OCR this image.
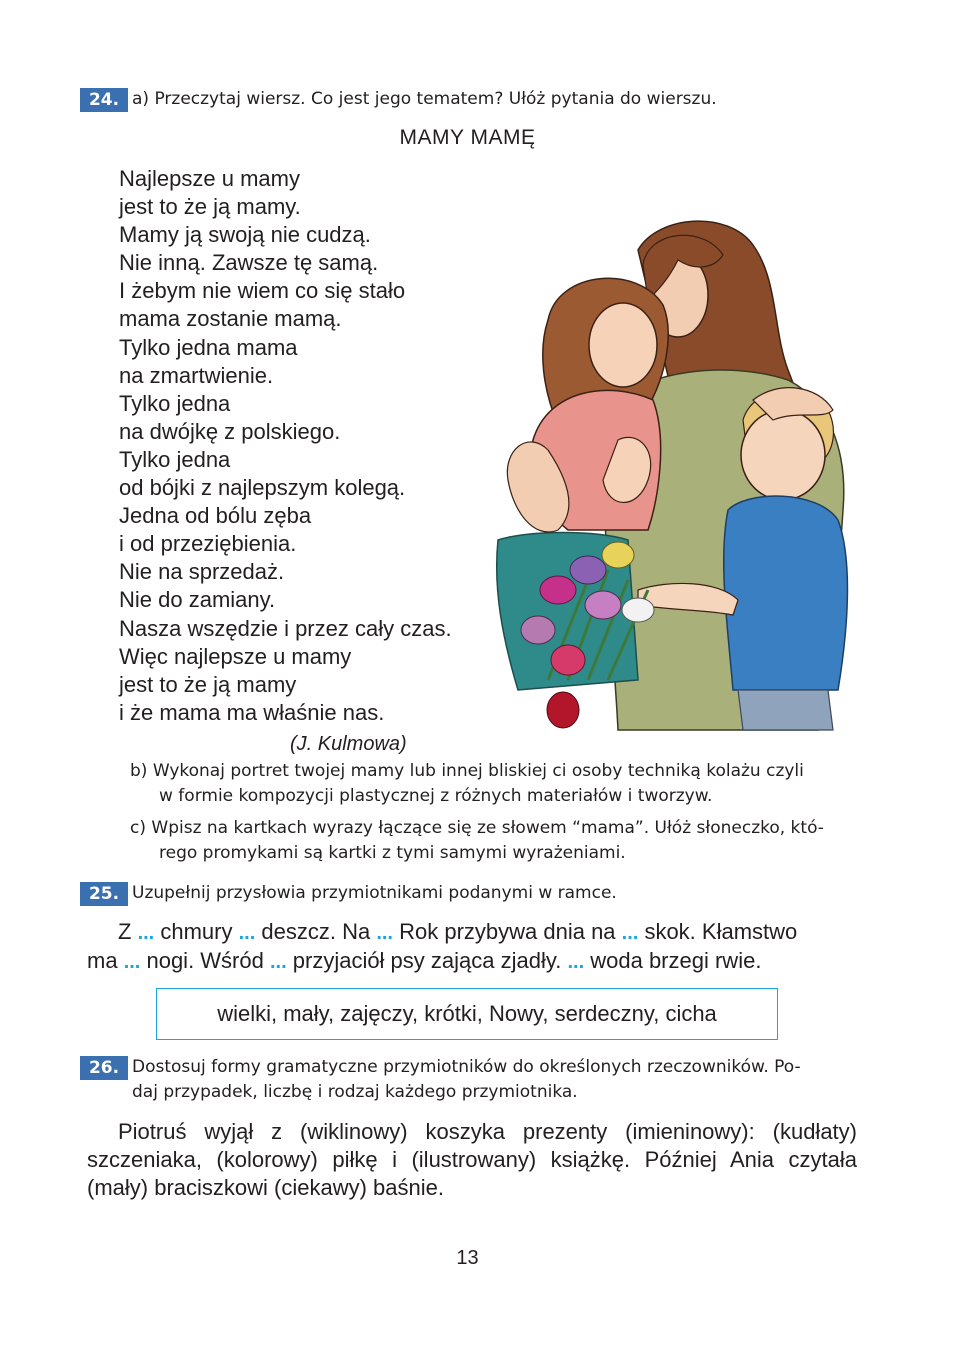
24. a) Przeczytaj wiersz. Co jest jego tematem? Ułóż pytania do wierszu.
MAMY MAMĘ
Najlepsze u mamy
jest to że ją mamy.
Mamy ją swoją nie cudzą.
Nie inną. Zawsze tę samą.
I żebym nie wiem co się stało
mama zostanie mamą.
Tylko jedna mama
na zmartwienie.
Tylko jedna
na dwójkę z polskiego.
Tylko jedna
od bójki z najlepszym kolegą.
Jedna od bólu zęba
i od przeziębienia.
Nie na sprzedaż.
Nie do zamiany.
Nasza wszędzie i przez cały czas.
Więc najlepsze u mamy
jest to że ją mamy
i że mama ma właśnie nas.
(J. Kulmowa)
b) Wykonaj portret twojej mamy lub innej bliskiej ci osoby techniką kolażu czyli
w formie kompozycji plastycznej z różnych materiałów i tworzyw.
c) Wpisz na kartkach wyrazy łączące się ze słowem “mama”. Ułóż słoneczko, któ-
rego promykami są kartki z tymi samymi wyrażeniami.
25. Uzupełnij przysłowia przymiotnikami podanymi w ramce.
Z ... chmury ... deszcz. Na ... Rok przybywa dnia na ... skok. Kłamstwo
ma ... nogi. Wśród ... przyjaciół psy zająca zjadły. ... woda brzegi rwie.
wielki, mały, zajęczy, krótki, Nowy, serdeczny, cicha
26. Dostosuj formy gramatyczne przymiotników do określonych rzeczowników. Po-
daj przypadek, liczbę i rodzaj każdego przymiotnika.
Piotruś wyjął z (wiklinowy) koszyka prezenty (imieninowy): (kudłaty) szczeniaka, (kolorowy) piłkę i (ilustrowany) książkę. Później Ania czytała (mały) braciszkowi (ciekawy) baśnie.
13
